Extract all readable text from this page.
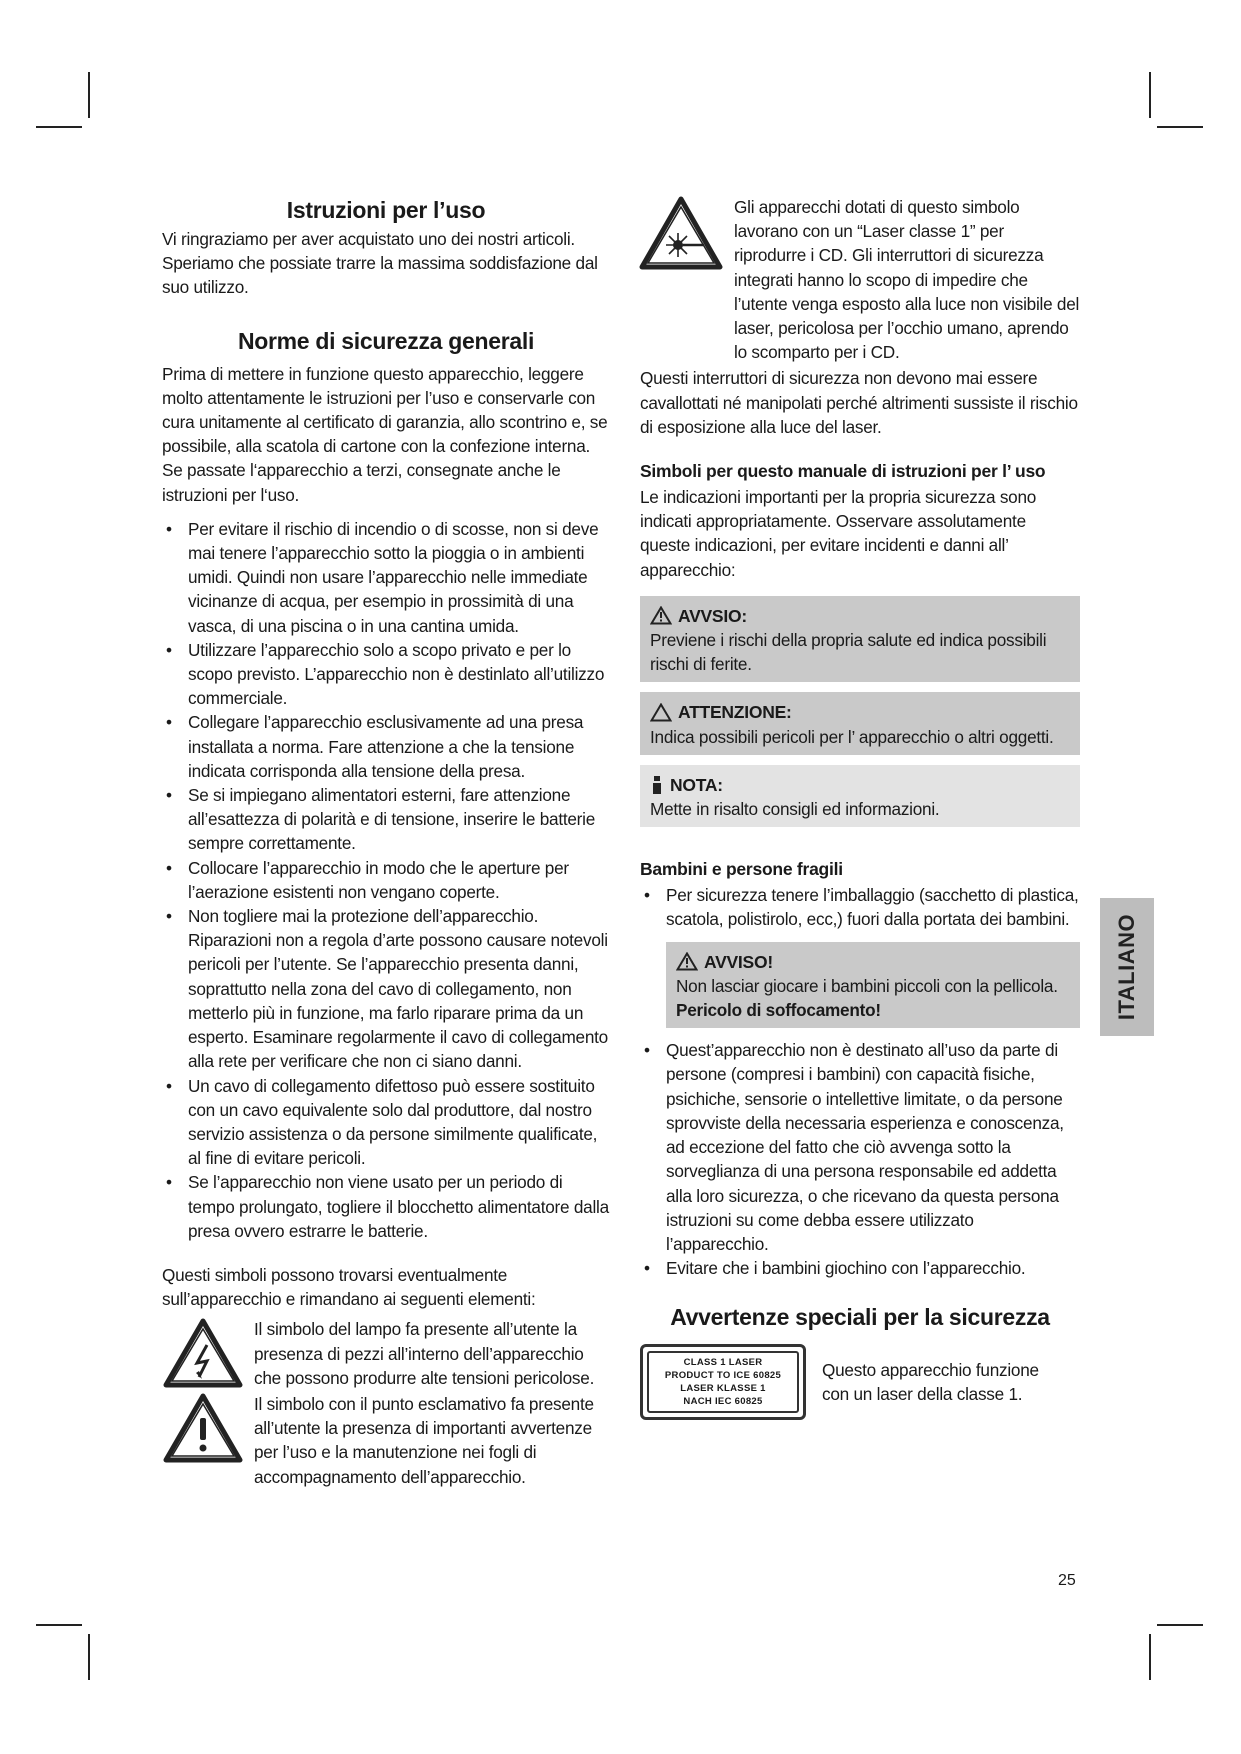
Istruzioni per l’uso

Vi ringraziamo per aver acquistato uno dei nostri articoli. Speriamo che possiate trarre la massima soddisfazione dal suo utilizzo.

Norme di sicurezza generali

Prima di mettere in funzione questo apparecchio, leggere molto attentamente le istruzioni per l’uso e conservarle con cura unitamente al certificato di garanzia, allo scontrino e, se possibile, alla scatola di cartone con la confezione interna. Se passate l‘apparecchio a terzi, consegnate anche le istruzioni per l‘uso.

• Per evitare il rischio di incendio o di scosse, non si deve mai tenere l’apparecchio sotto la pioggia o in ambienti umidi. Quindi non usare l’apparecchio nelle immediate vicinanze di acqua, per esempio in prossimità di una vasca, di una piscina o in una cantina umida.
• Utilizzare l’apparecchio solo a scopo privato e per lo scopo previsto. L’apparecchio non è destinlato all’utilizzo commerciale.
• Collegare l’apparecchio esclusivamente ad una presa installata a norma. Fare attenzione a che la tensione indicata corrisponda alla tensione della presa.
• Se si impiegano alimentatori esterni, fare attenzione all’esattezza di polarità e di tensione, inserire le batterie sempre correttamente.
• Collocare l’apparecchio in modo che le aperture per l’aerazione esistenti non vengano coperte.
• Non togliere mai la protezione dell’apparecchio. Riparazioni non a regola d’arte possono causare notevoli pericoli per l’utente. Se l’apparecchio presenta danni, soprattutto nella zona del cavo di collegamento, non metterlo più in funzione, ma farlo riparare prima da un esperto. Esaminare regolarmente il cavo di collegamento alla rete per verificare che non ci siano danni.
• Un cavo di collegamento difettoso può essere sostituito con un cavo equivalente solo dal produttore, dal nostro servizio assistenza o da persone similmente qualificate, al fine di evitare pericoli.
• Se l’apparecchio non viene usato per un periodo di tempo prolungato, togliere il blocchetto alimentatore dalla presa ovvero estrarre le batterie.

Questi simboli possono trovarsi eventualmente sull’apparecchio e rimandano ai seguenti elementi:

Il simbolo del lampo fa presente all’utente la presenza di pezzi all’interno dell’apparecchio che possono produrre alte tensioni pericolose.

Il simbolo con il punto esclamativo fa presente all’utente la presenza di importanti avvertenze per l’uso e la manutenzione nei fogli di accompagnamento dell’apparecchio.

Gli apparecchi dotati di questo simbolo lavorano con un “Laser classe 1” per riprodurre i CD. Gli interruttori di sicurezza integrati hanno lo scopo di impedire che l’utente venga esposto alla luce non visibile del laser, pericolosa per l’occhio umano, aprendo lo scomparto per i CD.

Questi interruttori di sicurezza non devono mai essere cavallottati né manipolati perché altrimenti sussiste il rischio di esposizione alla luce del laser.

Simboli per questo manuale di istruzioni per l’ uso

Le indicazioni importanti per la propria sicurezza sono indicati appropriatamente. Osservare assolutamente queste indicazioni, per evitare incidenti e danni all’ apparecchio:

AVVSIO:

Previene i rischi della propria salute ed indica possibili rischi di ferite.

ATTENZIONE:

Indica possibili pericoli per l’ apparecchio o altri oggetti.

NOTA:

Mette in risalto consigli ed informazioni.

Bambini e persone fragili
• Per sicurezza tenere l’imballaggio (sacchetto di plastica, scatola, polistirolo, ecc,) fuori dalla portata dei bambini.
AVVISO!

Non lasciar giocare i bambini piccoli con la pellicola.

Pericolo di soffocamento!

• Quest’apparecchio non è destinato all’uso da parte di persone (compresi i bambini) con capacità fisiche, psichiche, sensorie o intellettive limitate, o da persone sprovviste della necessaria esperienza e conoscenza, ad eccezione del fatto che ciò avvenga sotto la sorveglianza di una persona responsabile ed addetta alla loro sicurezza, o che ricevano da questa persona istruzioni su come debba essere utilizzato l’apparecchio.
• Evitare che i bambini giochino con l’apparecchio.
Avvertenze speciali per la sicurezza
CLASS 1 LASER
PRODUCT TO ICE 60825
LASER KLASSE 1
NACH IEC 60825

Questo apparecchio funzione con un laser della classe 1.

ITALIANO
25
